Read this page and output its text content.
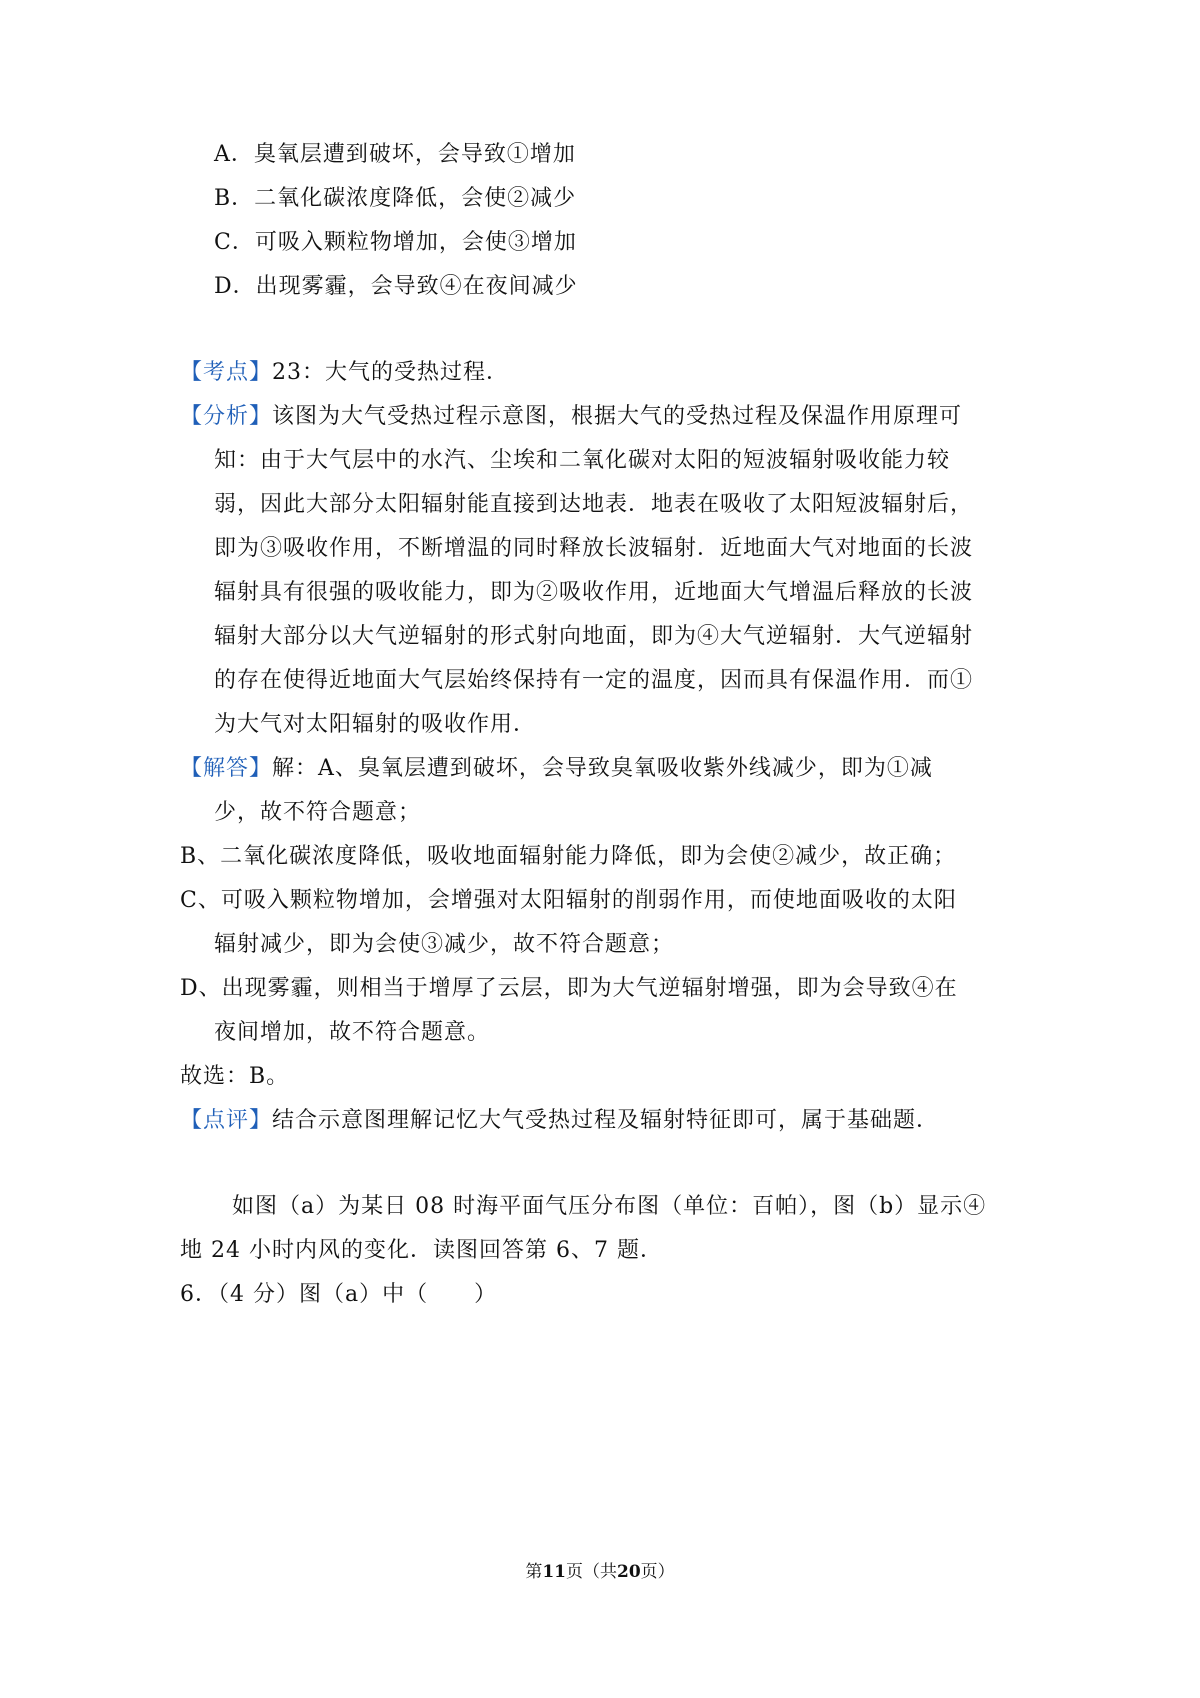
A．臭氧层遭到破坏，会导致①增加
B．二氧化碳浓度降低，会使②减少
C．可吸入颗粒物增加，会使③增加
D．出现雾霾，会导致④在夜间减少
【考点】23：大气的受热过程．
【分析】该图为大气受热过程示意图，根据大气的受热过程及保温作用原理可
知：由于大气层中的水汽、尘埃和二氧化碳对太阳的短波辐射吸收能力较
弱，因此大部分太阳辐射能直接到达地表．地表在吸收了太阳短波辐射后，
即为③吸收作用，不断增温的同时释放长波辐射．近地面大气对地面的长波
辐射具有很强的吸收能力，即为②吸收作用，近地面大气增温后释放的长波
辐射大部分以大气逆辐射的形式射向地面，即为④大气逆辐射．大气逆辐射
的存在使得近地面大气层始终保持有一定的温度，因而具有保温作用．而①
为大气对太阳辐射的吸收作用．
【解答】解：A、臭氧层遭到破坏，会导致臭氧吸收紫外线减少，即为①减
少，故不符合题意；
B、二氧化碳浓度降低，吸收地面辐射能力降低，即为会使②减少，故正确；
C、可吸入颗粒物增加，会增强对太阳辐射的削弱作用，而使地面吸收的太阳
辐射减少，即为会使③减少，故不符合题意；
D、出现雾霾，则相当于增厚了云层，即为大气逆辐射增强，即为会导致④在
夜间增加，故不符合题意。
故选：B。
【点评】结合示意图理解记忆大气受热过程及辐射特征即可，属于基础题．
如图（a）为某日 08 时海平面气压分布图（单位：百帕），图（b）显示④
地 24 小时内风的变化．读图回答第 6、7 题．
6．（4 分）图（a）中（　　）
第11页（共20页）
